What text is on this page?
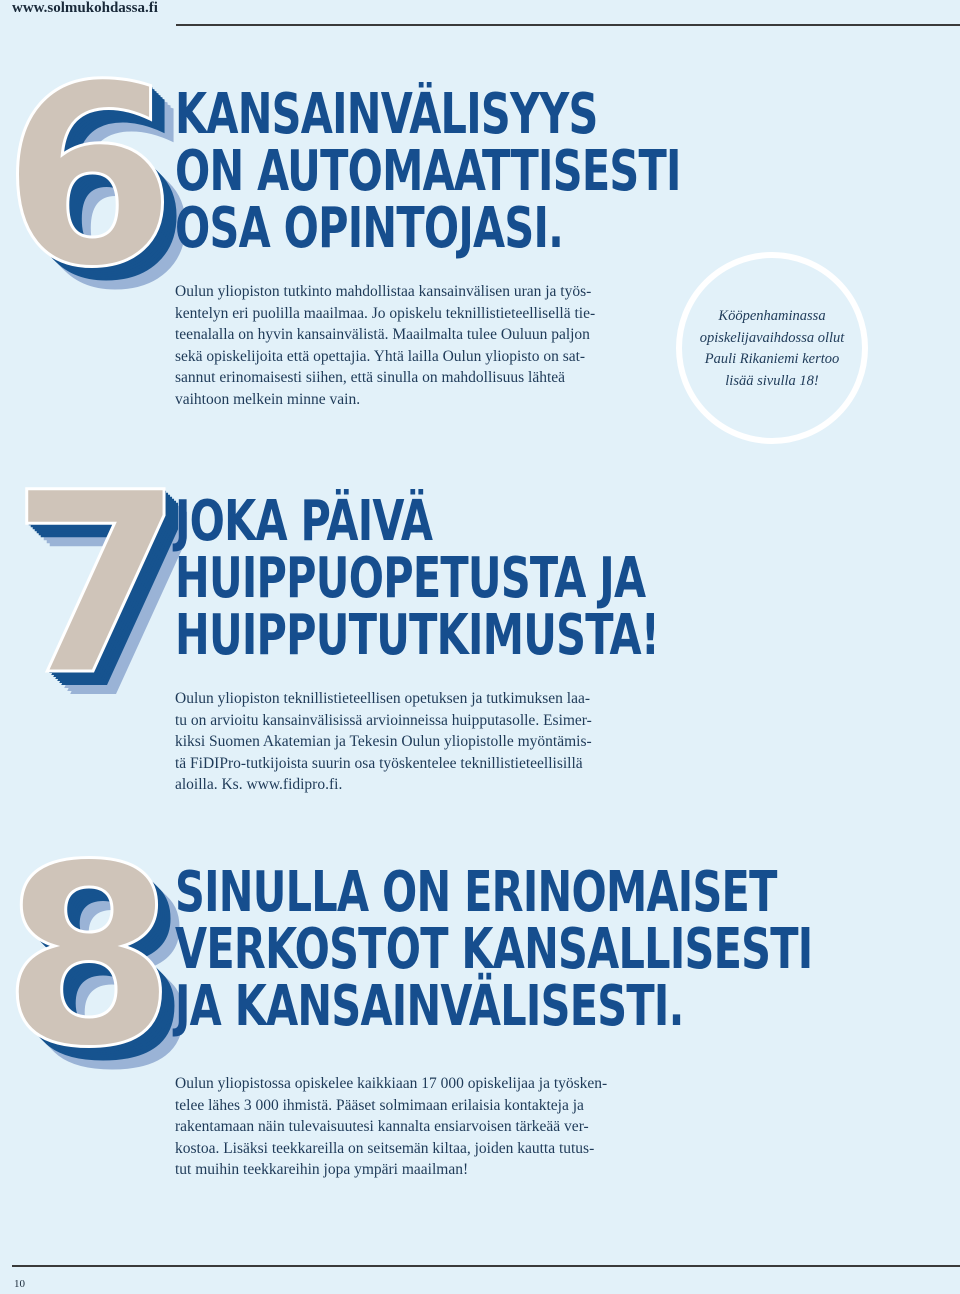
www.solmukohdassa.fi
6 KANSAINVÄLISYYS
ON AUTOMAATTISESTI
OSA OPINTOJASI.

Oulun yliopiston tutkinto mahdollistaa kansainvälisen uran ja työs-
kentelyn eri puolilla maailmaa. Jo opiskelu teknillistieteellisellä tie-
teenalalla on hyvin kansainvälistä. Maailmalta tulee Ouluun paljon
sekä opiskelijoita että opettajia. Yhtä lailla Oulun yliopisto on sat-
sannut erinomaisesti siihen, että sinulla on mahdollisuus lähteä
vaihtoon melkein minne vain.

Kööpenhaminassa
opiskelijavaihdossa ollut
Pauli Rikaniemi kertoo
lisää sivulla 18!
7
JOKA PÄIVÄ
HUIPPUOPETUSTA JA
HUIPPUTUTKIMUSTA!

Oulun yliopiston teknillistieteellisen opetuksen ja tutkimuksen laa-
tu on arvioitu kansainvälisissä arvioinneissa huipputasolle. Esimer-
kiksi Suomen Akatemian ja Tekesin Oulun yliopistolle myöntämis-
tä FiDIPro-tutkijoista suurin osa työskentelee teknillistieteellisillä
aloilla. Ks. www.fidipro.fi.

8 SINULLA ON ERINOMAISET
VERKOSTOT KANSALLISESTI
JA KANSAINVÄLISESTI.

Oulun yliopistossa opiskelee kaikkiaan 17 000 opiskelijaa ja työsken-
telee lähes 3 000 ihmistä. Pääset solmimaan erilaisia kontakteja ja
rakentamaan näin tulevaisuutesi kannalta ensiarvoisen tärkeää ver-
kostoa. Lisäksi teekkareilla on seitsemän kiltaa, joiden kautta tutus-
tut muihin teekkareihin jopa ympäri maailman!

10
